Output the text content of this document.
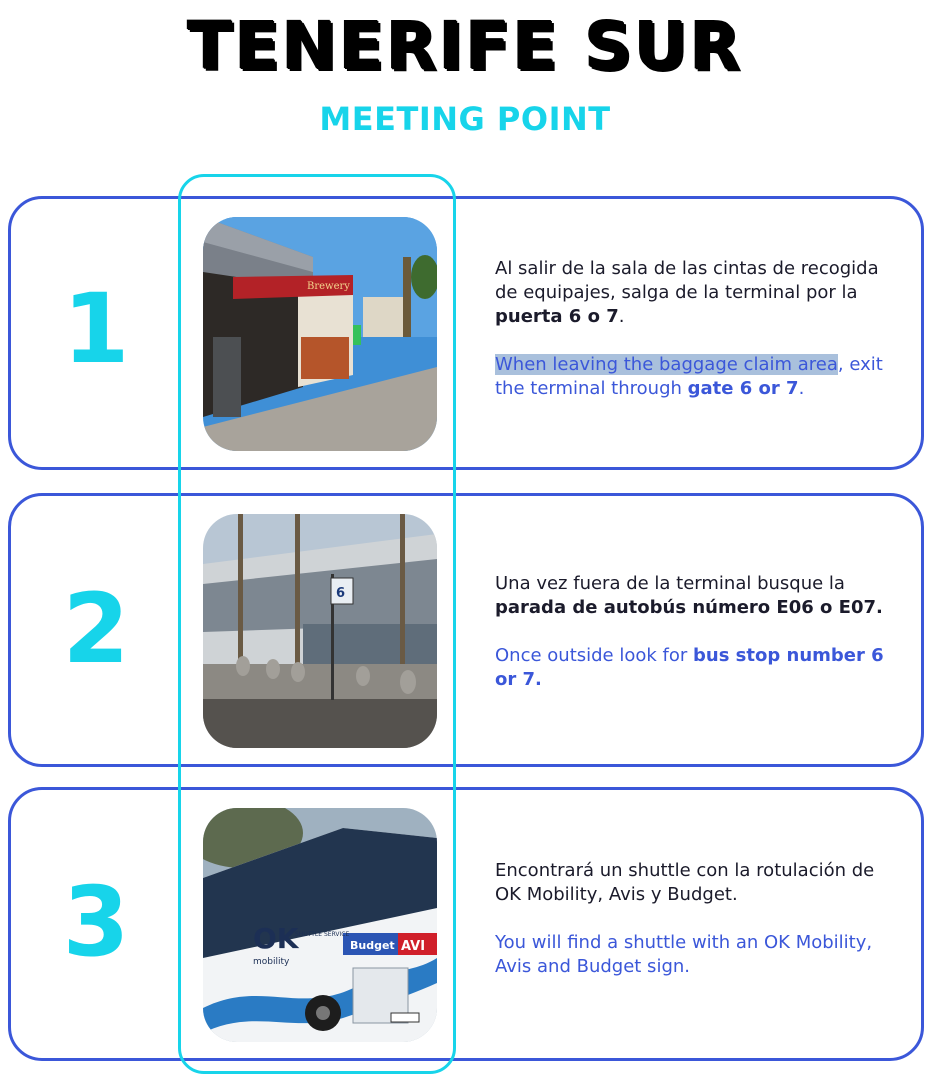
TENERIFE SUR
MEETING POINT
1	Brewery

Al salir de la sala de las cintas de recogida de equipajes, salga de la terminal por la puerta 6 o 7.

When leaving the baggage claim area, exit the terminal through gate 6 or 7.

2	6	Una vez fuera de la terminal busque la parada de autobús número E06 o E07.

Once outside look for bus stop number 6 or 7.

3	Budget AVI
OK
mobility
SHUTTLE SERVICE

Encontrará un shuttle con la rotulación de OK Mobility, Avis y Budget.

You will find a shuttle with an OK Mobility, Avis and Budget sign.
